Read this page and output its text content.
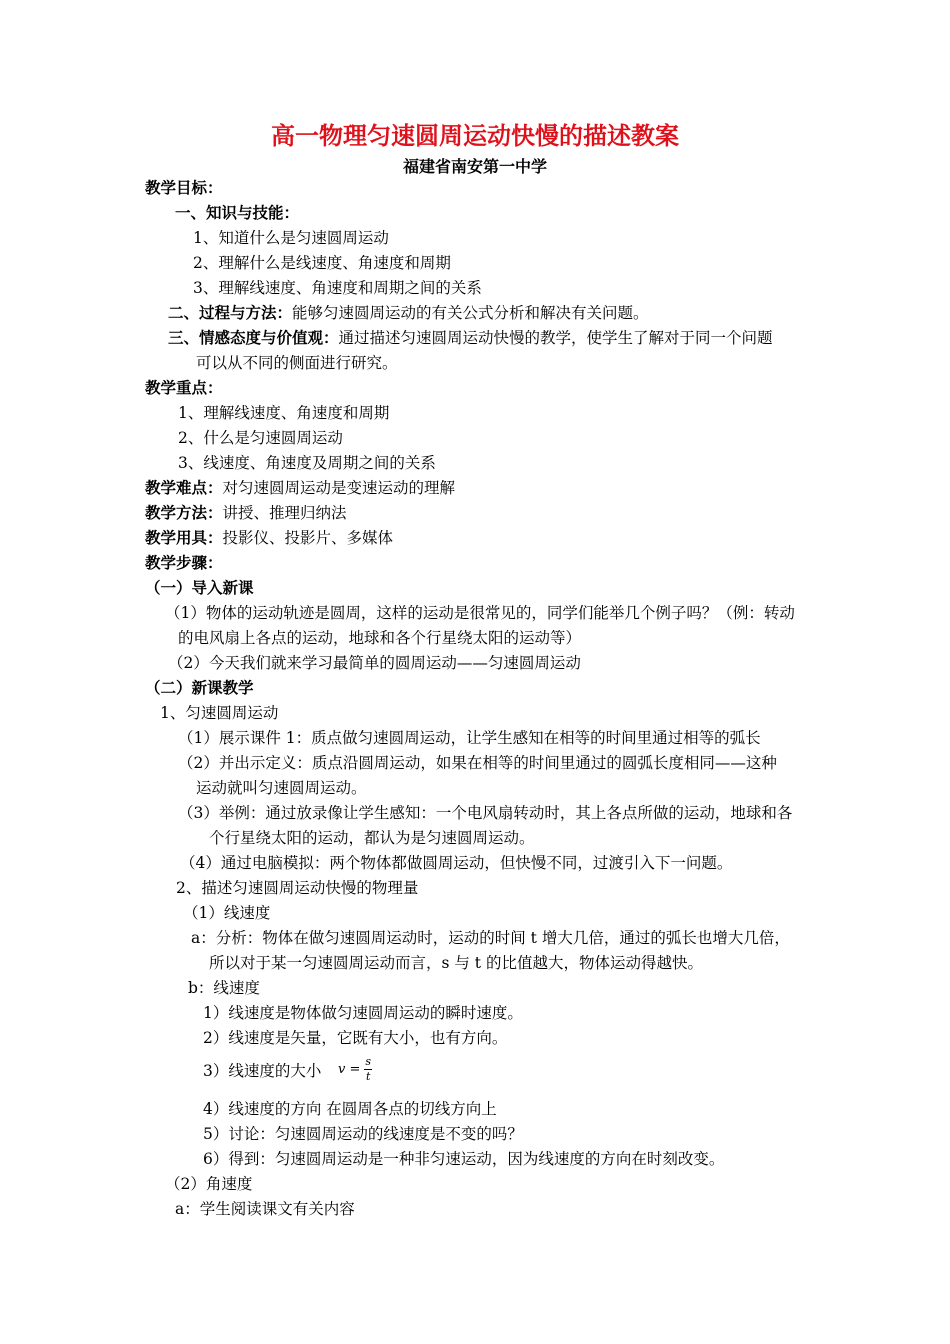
高一物理匀速圆周运动快慢的描述教案
福建省南安第一中学
教学目标：
一、知识与技能：
1、知道什么是匀速圆周运动
2、理解什么是线速度、角速度和周期
3、理解线速度、角速度和周期之间的关系
二、过程与方法：能够匀速圆周运动的有关公式分析和解决有关问题。
三、情感态度与价值观：通过描述匀速圆周运动快慢的教学，使学生了解对于同一个问题
可以从不同的侧面进行研究。
教学重点：
1、理解线速度、角速度和周期
2、什么是匀速圆周运动
3、线速度、角速度及周期之间的关系
教学难点：对匀速圆周运动是变速运动的理解
教学方法：讲授、推理归纳法
教学用具：投影仪、投影片、多媒体
教学步骤：
（一）导入新课
（1）物体的运动轨迹是圆周，这样的运动是很常见的，同学们能举几个例子吗？（例：转动
的电风扇上各点的运动，地球和各个行星绕太阳的运动等）
（2）今天我们就来学习最简单的圆周运动——匀速圆周运动
（二）新课教学
1、匀速圆周运动
（1）展示课件 1：质点做匀速圆周运动，让学生感知在相等的时间里通过相等的弧长
（2）并出示定义：质点沿圆周运动，如果在相等的时间里通过的圆弧长度相同——这种
运动就叫匀速圆周运动。
（3）举例：通过放录像让学生感知：一个电风扇转动时，其上各点所做的运动，地球和各
个行星绕太阳的运动，都认为是匀速圆周运动。
（4）通过电脑模拟：两个物体都做圆周运动，但快慢不同，过渡引入下一问题。
2、描述匀速圆周运动快慢的物理量
（1）线速度
a：分析：物体在做匀速圆周运动时，运动的时间 t 增大几倍，通过的弧长也增大几倍，
所以对于某一匀速圆周运动而言，s 与 t 的比值越大，物体运动得越快。
b：线速度
1）线速度是物体做匀速圆周运动的瞬时速度。
2）线速度是矢量，它既有大小，也有方向。
3）线速度的大小 $v = \frac{s}{t}$
4）线速度的方向 在圆周各点的切线方向上
5）讨论：匀速圆周运动的线速度是不变的吗？
6）得到：匀速圆周运动是一种非匀速运动，因为线速度的方向在时刻改变。
（2）角速度
a：学生阅读课文有关内容
